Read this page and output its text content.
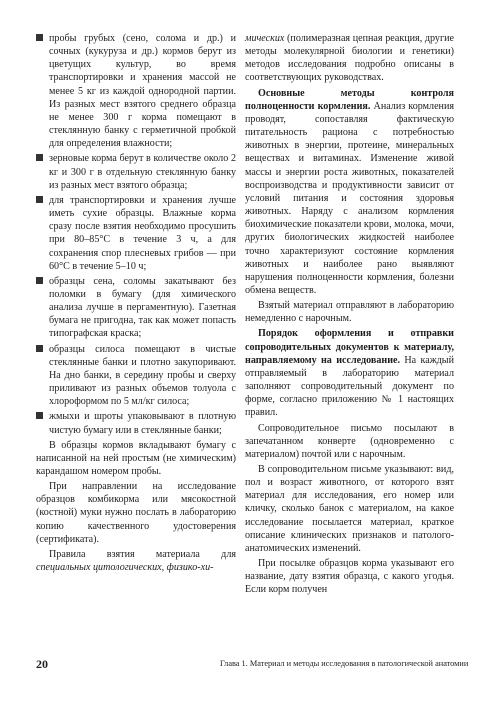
пробы грубых (сено, солома и др.) и сочных (кукуруза и др.) кормов берут из цветущих культур, во время транспортировки и хранения массой не менее 5 кг из каждой однородной партии. Из разных мест взятого среднего образца не менее 300 г корма помещают в стеклянную банку с герметичной пробкой для определения влажности;
зерновые корма берут в количестве около 2 кг и 300 г в отдельную стеклянную банку из разных мест взятого образца;
для транспортировки и хранения лучше иметь сухие образцы. Влажные корма сразу после взятия необходимо просушить при 80–85°С в течение 3 ч, а для сохранения спор плесневых грибов — при 60°С в течение 5–10 ч;
образцы сена, соломы закатывают без поломки в бумагу (для химического анализа лучше в пергаментную). Газетная бумага не пригодна, так как может попасть типографская краска;
образцы силоса помещают в чистые стеклянные банки и плотно закупоривают. На дно банки, в середину пробы и сверху приливают из разных объемов толуола с хлороформом по 5 мл/кг силоса;
жмыхи и шроты упаковывают в плотную чистую бумагу или в стеклянные банки;

В образцы кормов вкладывают бумагу с написанной на ней простым (не химическим) карандашом номером пробы.

При направлении на исследование образцов комбикорма или мясокостной (костной) муки нужно послать в лабораторию копию качественного удостоверения (сертификата).

Правила взятия материала для специальных цитологических, физико-хи-

мических (полимеразная цепная реакция, другие методы молекулярной биологии и генетики) методов исследования подробно описаны в соответствующих руководствах.

Основные методы контроля полноценности кормления. Анализ кормления проводят, сопоставляя фактическую питательность рациона с потребностью животных в энергии, протеине, минеральных веществах и витаминах. Изменение живой массы и энергии роста животных, показателей воспроизводства и продуктивности зависит от условий питания и состояния здоровья животных. Наряду с анализом кормления биохимические показатели крови, молока, мочи, других биологических жидкостей наиболее точно характеризуют состояние кормления животных и наиболее рано выявляют нарушения полноценности кормления, болезни обмена веществ.

Взятый материал отправляют в лабораторию немедленно с нарочным.

Порядок оформления и отправки сопроводительных документов к материалу, направляемому на исследование. На каждый отправляемый в лабораторию материал заполняют сопроводительный документ по форме, согласно приложению № 1 настоящих правил.

Сопроводительное письмо посылают в запечатанном конверте (одновременно с материалом) почтой или с нарочным.

В сопроводительном письме указывают: вид, пол и возраст животного, от которого взят материал для исследования, его номер или кличку, сколько банок с материалом, на какое исследование посылается материал, краткое описание клинических признаков и патолого-анатомических изменений.

При посылке образцов корма указывают его название, дату взятия образца, с какого угодья. Если корм получен

20	Глава 1. Материал и методы исследования в патологической анатомии
